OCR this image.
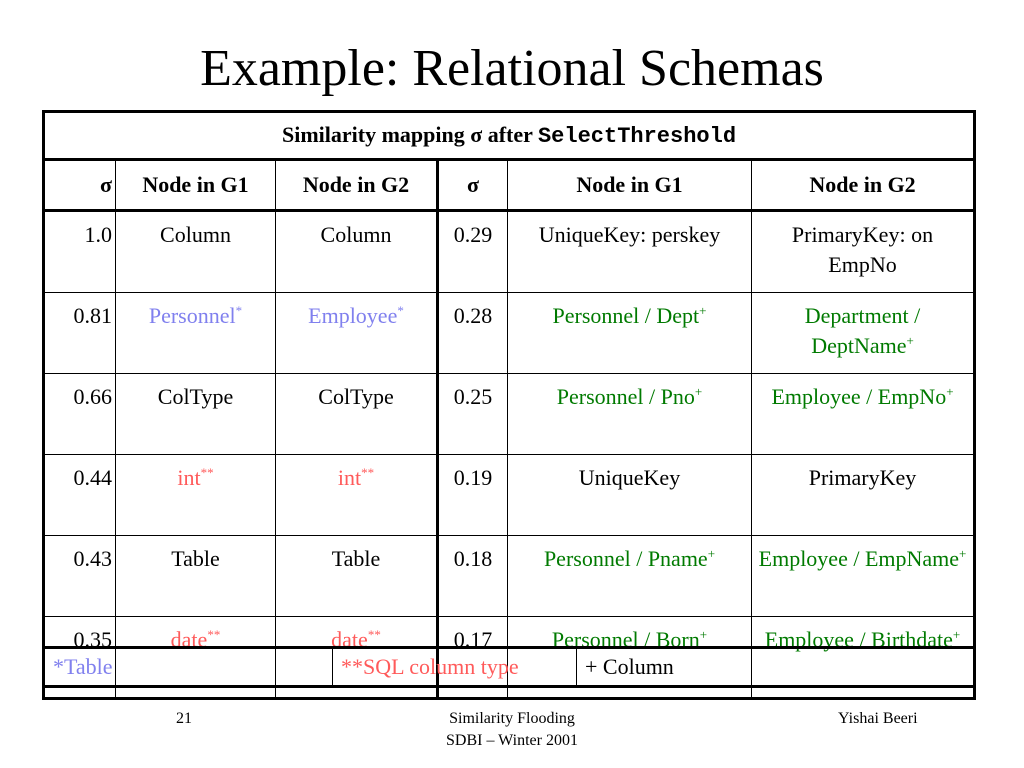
Example: Relational Schemas
Similarity mapping σ after SelectThreshold					
σ	Node in G1	Node in G2	σ	Node in G1	Node in G2
1.0	Column	Column	0.29	UniqueKey: perskey	PrimaryKey: on EmpNo
0.81	Personnel*	Employee*	0.28	Personnel / Dept+	Department / DeptName+
0.66	ColType	ColType	0.25	Personnel / Pno+	Employee / EmpNo+
0.44	int**	int**	0.19	UniqueKey	PrimaryKey
0.43	Table	Table	0.18	Personnel / Pname+	Employee / EmpName+
0.35	date**	date**	0.17	Personnel / Born+	Employee / Birthdate+
*Table	**SQL column type	+ Column
21	Similarity Flooding
SDBI – Winter 2001
Yishai Beeri
